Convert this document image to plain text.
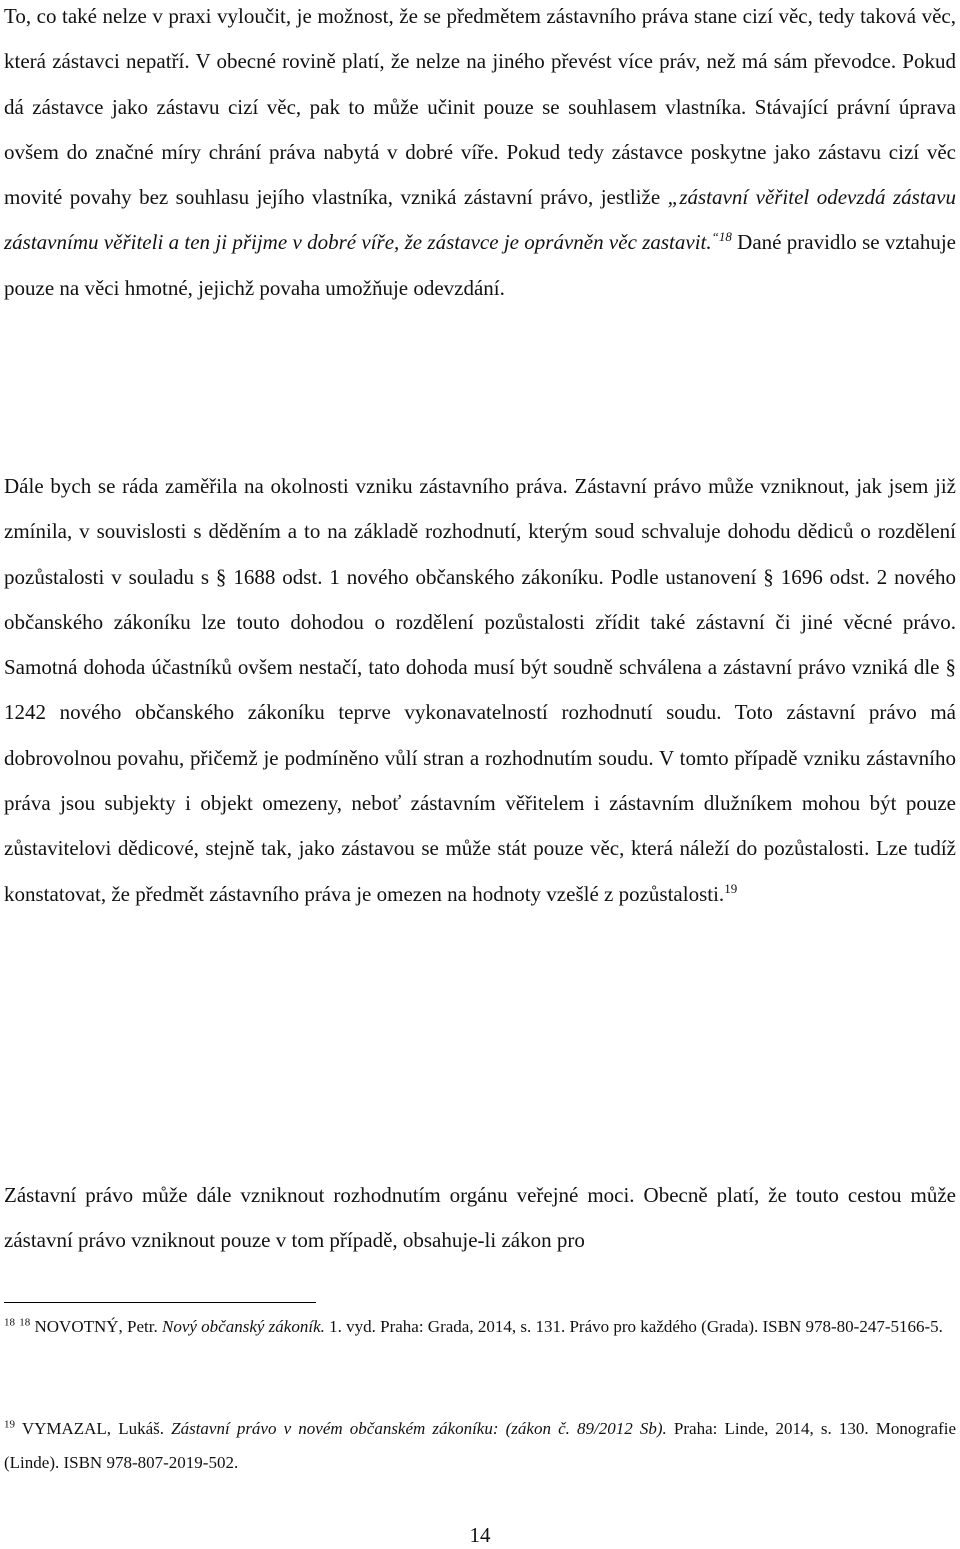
To, co také nelze v praxi vyloučit, je možnost, že se předmětem zástavního práva stane cizí věc, tedy taková věc, která zástavci nepatří. V obecné rovině platí, že nelze na jiného převést více práv, než má sám převodce. Pokud dá zástavce jako zástavu cizí věc, pak to může učinit pouze se souhlasem vlastníka. Stávající právní úprava ovšem do značné míry chrání práva nabytá v dobré víře. Pokud tedy zástavce poskytne jako zástavu cizí věc movité povahy bez souhlasu jejího vlastníka, vzniká zástavní právo, jestliže „zástavní věřitel odevzdá zástavu zástavnímu věřiteli a ten ji přijme v dobré víře, že zástavce je oprávněn věc zastavit.$^{“18}$ Dané pravidlo se vztahuje pouze na věci hmotné, jejichž povaha umožňuje odevzdání.

Dále bych se ráda zaměřila na okolnosti vzniku zástavního práva. Zástavní právo může vzniknout, jak jsem již zmínila, v souvislosti s děděním a to na základě rozhodnutí, kterým soud schvaluje dohodu dědiců o rozdělení pozůstalosti v souladu s § 1688 odst. 1 nového občanského zákoníku. Podle ustanovení § 1696 odst. 2 nového občanského zákoníku lze touto dohodou o rozdělení pozůstalosti zřídit také zástavní či jiné věcné právo. Samotná dohoda účastníků ovšem nestačí, tato dohoda musí být soudně schválena a zástavní právo vzniká dle § 1242 nového občanského zákoníku teprve vykonavatelností rozhodnutí soudu. Toto zástavní právo má dobrovolnou povahu, přičemž je podmíněno vůlí stran a rozhodnutím soudu. V tomto případě vzniku zástavního práva jsou subjekty i objekt omezeny, neboť zástavním věřitelem i zástavním dlužníkem mohou být pouze zůstavitelovi dědicové, stejně tak, jako zástavou se může stát pouze věc, která náleží do pozůstalosti. Lze tudíž konstatovat, že předmět zástavního práva je omezen na hodnoty vzešlé z pozůstalosti.$^{19}$

Zástavní právo může dále vzniknout rozhodnutím orgánu veřejné moci. Obecně platí, že touto cestou může zástavní právo vzniknout pouze v tom případě, obsahuje-li zákon pro

$^{18}$ $^{18}$ NOVOTNÝ, Petr. Nový občanský zákoník. 1. vyd. Praha: Grada, 2014, s. 131. Právo pro každého (Grada). ISBN 978-80-247-5166-5.

$^{19}$ VYMAZAL, Lukáš. Zástavní právo v novém občanském zákoníku: (zákon č. 89/2012 Sb). Praha: Linde, 2014, s. 130. Monografie (Linde). ISBN 978-807-2019-502.

14
